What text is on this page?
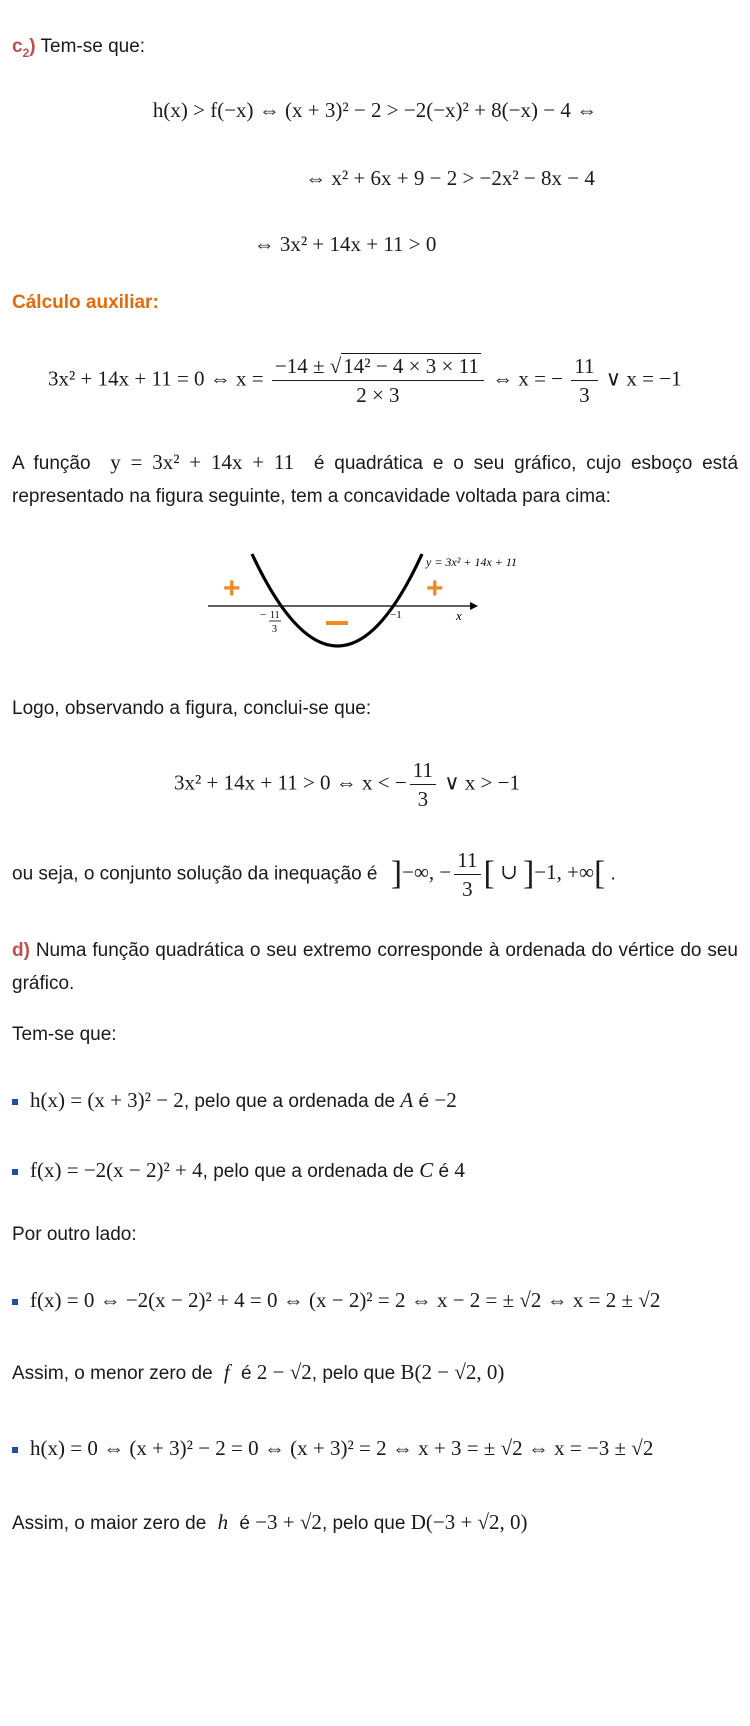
$c_2$) Tem-se que:
h(x) > f(−x) ⇔ (x + 3)² − 2 > −2(−x)² + 8(−x) − 4 ⇔
⇔ x² + 6x + 9 − 2 > −2x² − 8x − 4
⇔ 3x² + 14x + 11 > 0
Cálculo auxiliar:
3x² + 14x + 11 = 0 ⇔ $x = \frac{\text{−14 ± √14² − 4 × 3 × 11}}{2 \times 3}$ ⇔ x = − $\frac{11}{3}$ ∨ x = −1
A função y = 3x² + 14x + 11 é quadrática e o seu gráfico, cujo esboço está representado na figura seguinte, tem a concavidade voltada para cima:
y = 3x² + 14x + 11
x
− 11
3
−1
+	+
Logo, observando a figura, conclui-se que:
3x² + 14x + 11 > 0 ⇔ x < − $\frac{11}{3}$ ∨ x > −1
ou seja, o conjunto solução da inequação é ]−∞, − $\frac{11}{3}$ [ ∪ ]−1, +∞[ .
d) Numa função quadrática o seu extremo corresponde à ordenada do vértice do seu gráfico.
Tem-se que:
h(x) = (x + 3)² − 2, pelo que a ordenada de A é −2
f(x) = −2(x − 2)² + 4, pelo que a ordenada de C é 4
Por outro lado:
f(x) = 0 ⇔ −2(x − 2)² + 4 = 0 ⇔ (x − 2)² = 2 ⇔ x − 2 = ± √2 ⇔ x = 2 ± √2
Assim, o menor zero de f é 2 − √2, pelo que B(2 − √2, 0)
h(x) = 0 ⇔ (x + 3)² − 2 = 0 ⇔ (x + 3)² = 2 ⇔ x + 3 = ± √2 ⇔ x = −3 ± √2
Assim, o maior zero de h é −3 + √2, pelo que D(−3 + √2, 0)
